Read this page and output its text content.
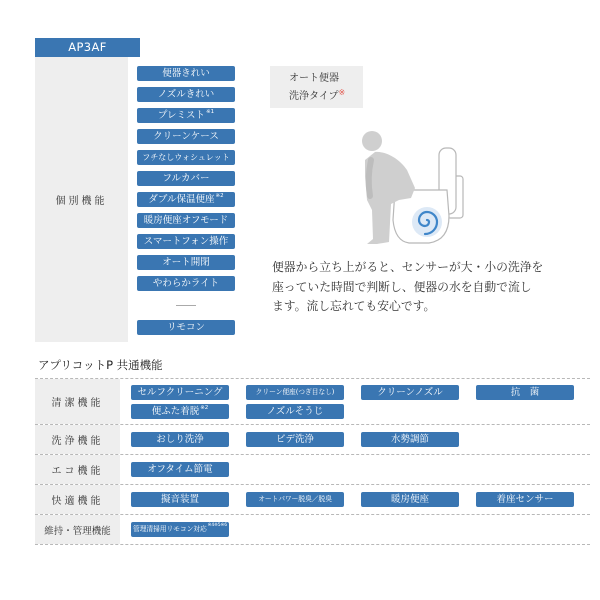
AP3AF
個別機能
便器きれい
ノズルきれい
プレミスト$^{※1}$
クリーンケース
フチなしウォシュレット
フルカバー
ダブル保温便座$^{※2}$
暖房便座オフモード
スマートフォン操作
オート開閉
やわらかライト
リモコン
オート便器
洗浄タイプ※
便器から立ち上がると、センサーが大・小の洗浄を
座っていた時間で判断し、便器の水を自動で流し
ます。流し忘れても安心です。
アプリコットP 共通機能
清潔機能
セルフクリーニング	クリーン便座(つぎ目なし)	クリーンノズル	抗　菌
便ふた着脱$^{※2}$	ノズルそうじ
洗浄機能	おしり洗浄	ビデ洗浄	水勢調節
エコ機能	オフタイム節電
快適機能	擬音装置	オートパワー脱臭／脱臭	暖房便座	着座センサー
維持・管理機能	管理清掃用リモコン対応$^{※4※5※6}$
